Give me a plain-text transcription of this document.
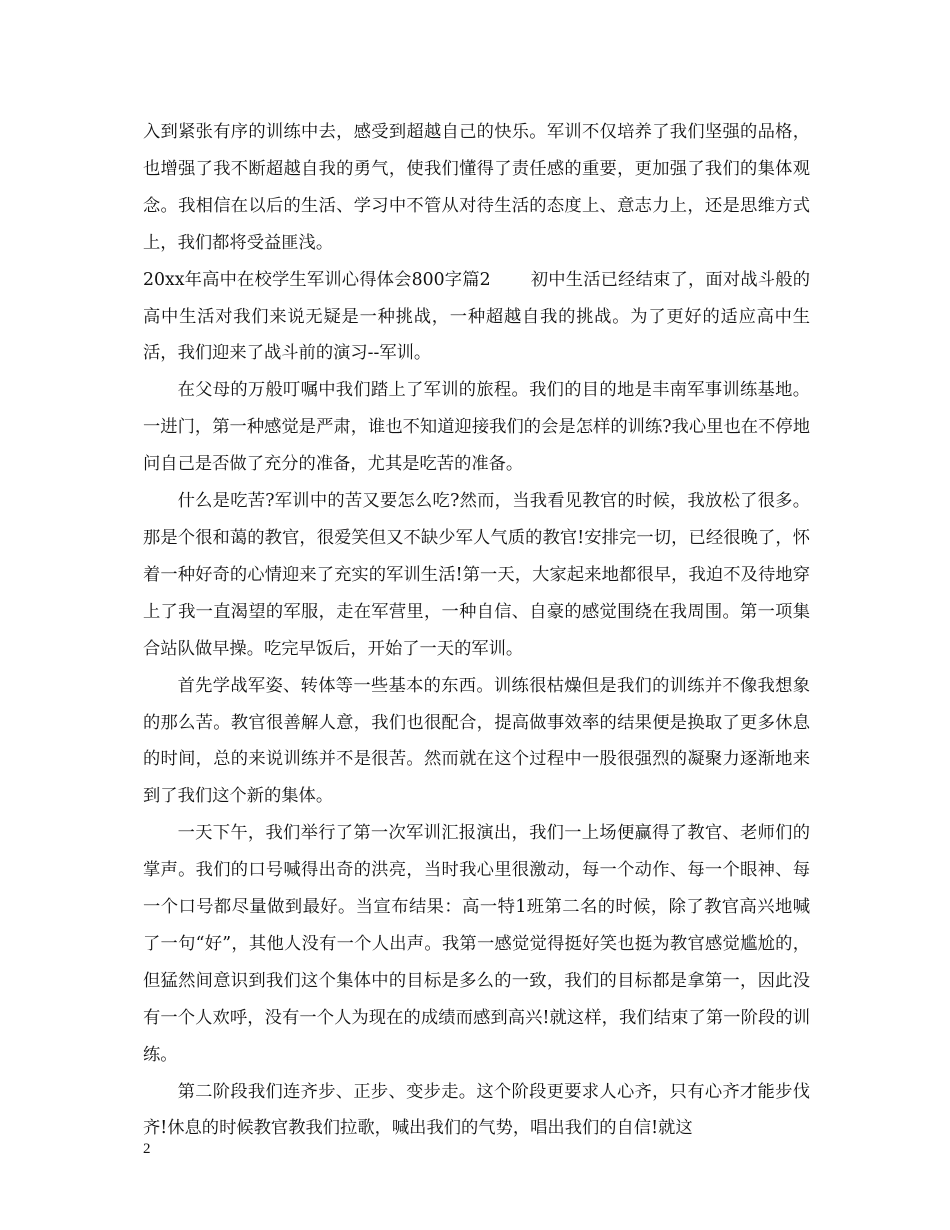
入到紧张有序的训练中去，感受到超越自己的快乐。军训不仅培养了我们坚强的品格，也增强了我不断超越自我的勇气，使我们懂得了责任感的重要，更加强了我们的集体观念。我相信在以后的生活、学习中不管从对待生活的态度上、意志力上，还是思维方式上，我们都将受益匪浅。

20xx年高中在校学生军训心得体会800字篇2 初中生活已经结束了，面对战斗般的高中生活对我们来说无疑是一种挑战，一种超越自我的挑战。为了更好的适应高中生活，我们迎来了战斗前的演习--军训。

在父母的万般叮嘱中我们踏上了军训的旅程。我们的目的地是丰南军事训练基地。一进门，第一种感觉是严肃，谁也不知道迎接我们的会是怎样的训练?我心里也在不停地问自己是否做了充分的准备，尤其是吃苦的准备。

什么是吃苦?军训中的苦又要怎么吃?然而，当我看见教官的时候，我放松了很多。那是个很和蔼的教官，很爱笑但又不缺少军人气质的教官!安排完一切，已经很晚了，怀着一种好奇的心情迎来了充实的军训生活!第一天，大家起来地都很早，我迫不及待地穿上了我一直渴望的军服，走在军营里，一种自信、自豪的感觉围绕在我周围。第一项集合站队做早操。吃完早饭后，开始了一天的军训。

首先学战军姿、转体等一些基本的东西。训练很枯燥但是我们的训练并不像我想象的那么苦。教官很善解人意，我们也很配合，提高做事效率的结果便是换取了更多休息的时间，总的来说训练并不是很苦。然而就在这个过程中一股很强烈的凝聚力逐渐地来到了我们这个新的集体。

一天下午，我们举行了第一次军训汇报演出，我们一上场便赢得了教官、老师们的掌声。我们的口号喊得出奇的洪亮，当时我心里很激动，每一个动作、每一个眼神、每一个口号都尽量做到最好。当宣布结果：高一特1班第二名的时候，除了教官高兴地喊了一句“好”，其他人没有一个人出声。我第一感觉觉得挺好笑也挺为教官感觉尴尬的，但猛然间意识到我们这个集体中的目标是多么的一致，我们的目标都是拿第一，因此没有一个人欢呼，没有一个人为现在的成绩而感到高兴!就这样，我们结束了第一阶段的训练。

第二阶段我们连齐步、正步、变步走。这个阶段更要求人心齐，只有心齐才能步伐齐!休息的时候教官教我们拉歌，喊出我们的气势，唱出我们的自信!就这

2
